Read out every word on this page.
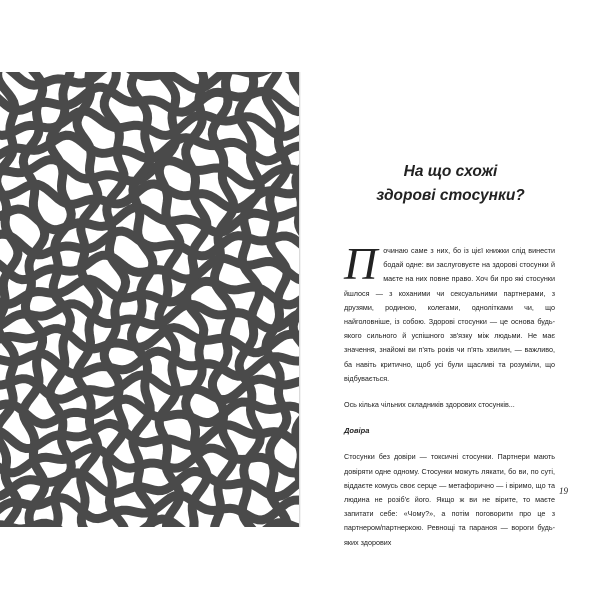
На що схожі
здорові стосунки?

Починаю саме з них, бо із цієї книжки слід винести бодай одне: ви заслуговуєте на здорові стосунки й маєте на них повне право. Хоч би про які стосунки йшлося — з коханими чи сексуальними партнерами, з друзями, родиною, колегами, однолітками чи, що найголовніше, із собою. Здорові стосунки — це основа будь-якого сильного й успішного зв'язку між людьми. Не має значення, знайомі ви п'ять років чи п'ять хвилин, — важливо, ба навіть критично, щоб усі були щасливі та розуміли, що відбувається.

Ось кілька чільних складників здорових стосунків...

Довіра

Стосунки без довіри — токсичні стосунки. Партнери мають довіряти одне одному. Стосунки можуть лякати, бо ви, по суті, віддаєте комусь своє серце — метафорично — і віримо, що та людина не розіб'є його. Якщо ж ви не вірите, то маєте запитати себе: «Чому?», а потім поговорити про це з партнером/партнеркою. Ревнощі та параноя — вороги будь-яких здорових

19
